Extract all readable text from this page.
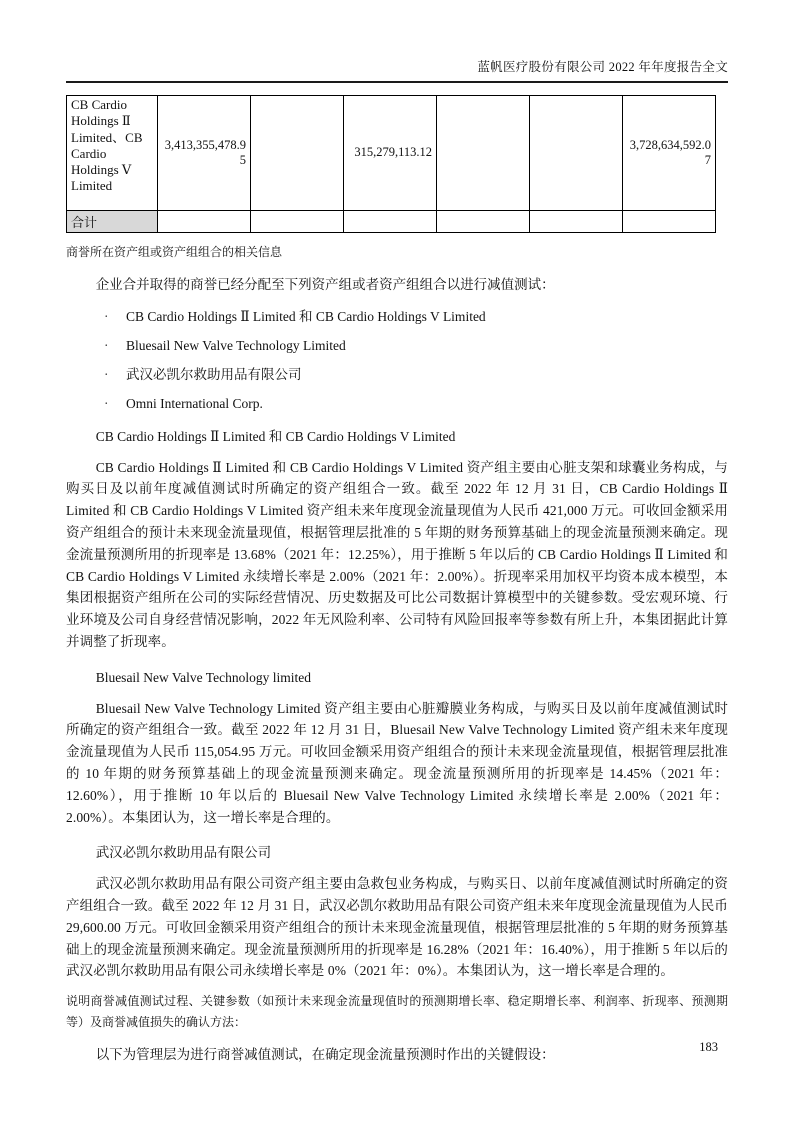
蓝帆医疗股份有限公司 2022 年年度报告全文
CB Cardio Holdings Ⅱ Limited、CB Cardio Holdings Ⅴ Limited	3,413,355,478.95		315,279,113.12			3,728,634,592.07
合计						

商誉所在资产组或资产组组合的相关信息

企业合并取得的商誉已经分配至下列资产组或者资产组组合以进行减值测试：

· CB Cardio Holdings Ⅱ Limited 和 CB Cardio Holdings V Limited
· Bluesail New Valve Technology Limited
· 武汉必凯尔救助用品有限公司
· Omni International Corp.

CB Cardio Holdings Ⅱ Limited 和 CB Cardio Holdings V Limited

CB Cardio Holdings Ⅱ Limited 和 CB Cardio Holdings V Limited 资产组主要由心脏支架和球囊业务构成，与购买日及以前年度减值测试时所确定的资产组组合一致。截至 2022 年 12 月 31 日，CB Cardio Holdings Ⅱ Limited 和 CB Cardio Holdings V Limited 资产组未来年度现金流量现值为人民币 421,000 万元。可收回金额采用资产组组合的预计未来现金流量现值，根据管理层批准的 5 年期的财务预算基础上的现金流量预测来确定。现金流量预测所用的折现率是 13.68%（2021 年：12.25%），用于推断 5 年以后的 CB Cardio Holdings Ⅱ Limited 和 CB Cardio Holdings V Limited 永续增长率是 2.00%（2021 年：2.00%）。折现率采用加权平均资本成本模型，本集团根据资产组所在公司的实际经营情况、历史数据及可比公司数据计算模型中的关键参数。受宏观环境、行业环境及公司自身经营情况影响，2022 年无风险利率、公司特有风险回报率等参数有所上升，本集团据此计算并调整了折现率。

Bluesail New Valve Technology limited

Bluesail New Valve Technology Limited 资产组主要由心脏瓣膜业务构成，与购买日及以前年度减值测试时所确定的资产组组合一致。截至 2022 年 12 月 31 日，Bluesail New Valve Technology Limited 资产组未来年度现金流量现值为人民币 115,054.95 万元。可收回金额采用资产组组合的预计未来现金流量现值，根据管理层批准的 10 年期的财务预算基础上的现金流量预测来确定。现金流量预测所用的折现率是 14.45%（2021 年：12.60%），用于推断 10 年以后的 Bluesail New Valve Technology Limited 永续增长率是 2.00%（2021 年：2.00%）。本集团认为，这一增长率是合理的。

武汉必凯尔救助用品有限公司

武汉必凯尔救助用品有限公司资产组主要由急救包业务构成，与购买日、以前年度减值测试时所确定的资产组组合一致。截至 2022 年 12 月 31 日，武汉必凯尔救助用品有限公司资产组未来年度现金流量现值为人民币 29,600.00 万元。可收回金额采用资产组组合的预计未来现金流量现值，根据管理层批准的 5 年期的财务预算基础上的现金流量预测来确定。现金流量预测所用的折现率是 16.28%（2021 年：16.40%），用于推断 5 年以后的武汉必凯尔救助用品有限公司永续增长率是 0%（2021 年：0%）。本集团认为，这一增长率是合理的。

说明商誉减值测试过程、关键参数（如预计未来现金流量现值时的预测期增长率、稳定期增长率、利润率、折现率、预测期等）及商誉减值损失的确认方法：

以下为管理层为进行商誉减值测试，在确定现金流量预测时作出的关键假设：

183
